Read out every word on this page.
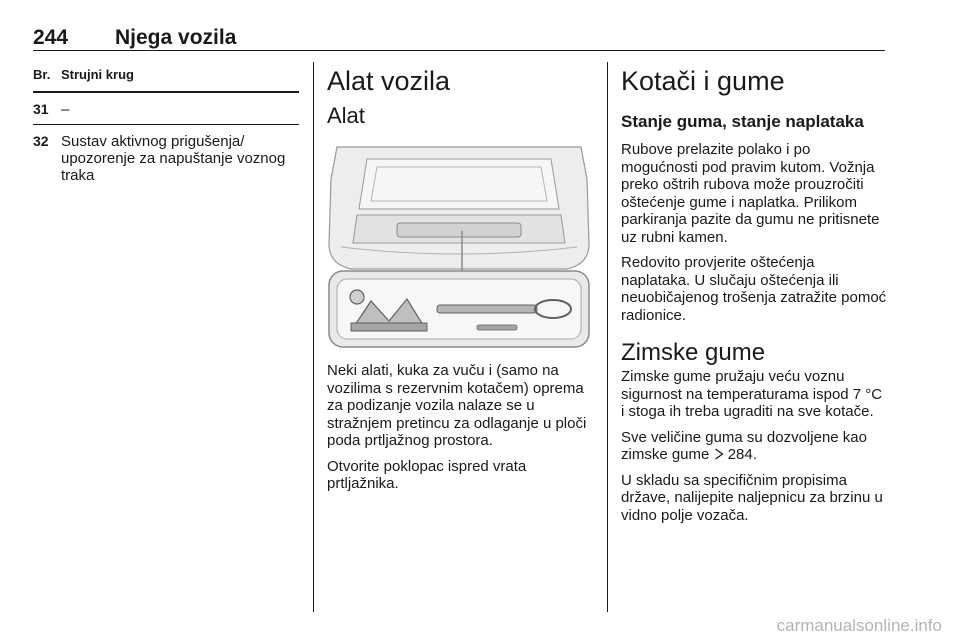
244 Njega vozila
Br. Strujni krug
31 –
32 Sustav aktivnog prigušenja/ upozorenje za napuštanje voznog traka
Alat vozila
Alat

Neki alati, kuka za vuču i (samo na vozilima s rezervnim kotačem) oprema za podizanje vozila nalaze se u stražnjem pretincu za odlaganje u ploči poda prtljažnog prostora.

Otvorite poklopac ispred vrata prtljažnika.

Kotači i gume
Stanje guma, stanje naplataka

Rubove prelazite polako i po mogućnosti pod pravim kutom. Vožnja preko oštrih rubova može prouzročiti oštećenje gume i naplatka. Prilikom parkiranja pazite da gumu ne pritisnete uz rubni kamen.

Redovito provjerite oštećenja naplataka. U slučaju oštećenja ili neuobičajenog trošenja zatražite pomoć radionice.

Zimske gume

Zimske gume pružaju veću voznu sigurnost na temperaturama ispod 7 °C i stoga ih treba ugraditi na sve kotače.

Sve veličine guma su dozvoljene kao zimske gume 284.

U skladu sa specifičnim propisima države, nalijepite naljepnicu za brzinu u vidno polje vozača.

carmanualsonline.info
